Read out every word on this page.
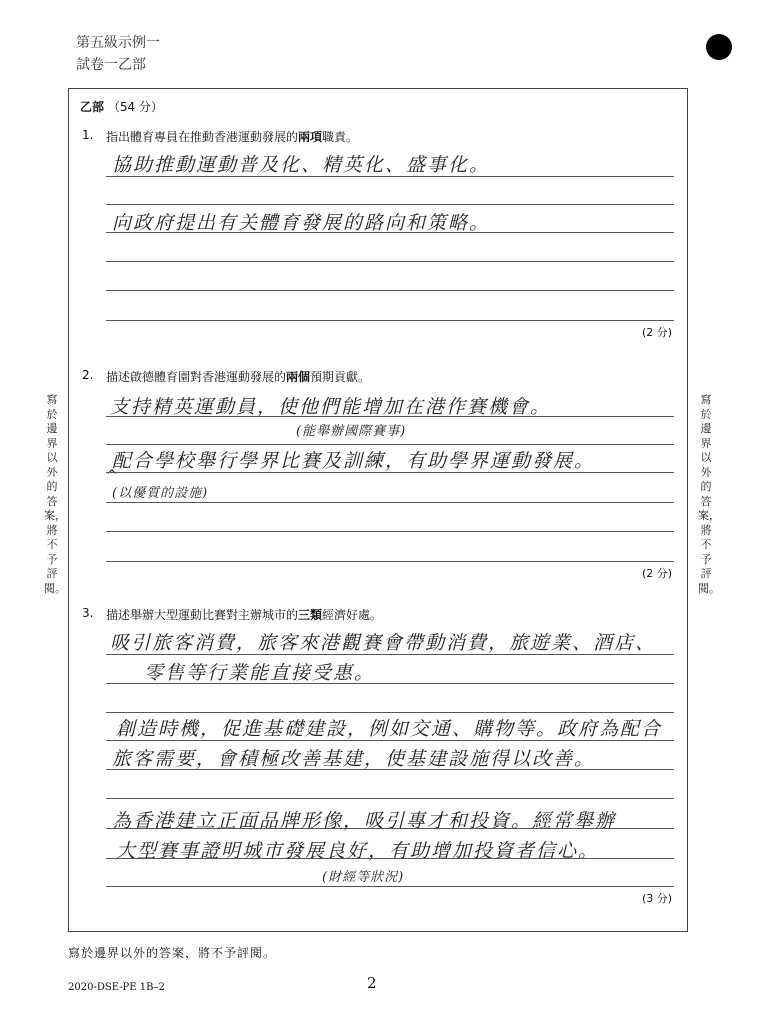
第五級示例一
試卷一乙部
寫於邊界以外的答案，將不予評閱。
寫於邊界以外的答案，將不予評閱。
乙部 （54 分）
1. 指出體育專員在推動香港運動發展的兩項職責。
協助推動運動普及化、精英化、盛事化。
向政府提出有关體育發展的路向和策略。
(2 分)
2. 描述啟德體育園對香港運動發展的兩個預期貢獻。
支持精英運動員，使他們能增加在港作賽機會。
(能舉辦國際賽事)
配合學校舉行學界比賽及訓練，有助學界運動發展。
^
(以優質的設施)
(2 分)
3. 描述舉辦大型運動比賽對主辦城市的三類經濟好處。
吸引旅客消費，旅客來港觀賽會帶動消費，旅遊業、酒店、
零售等行業能直接受惠。
創造時機，促進基礎建設，例如交通、購物等。政府為配合
旅客需要，會積極改善基建，使基建設施得以改善。
為香港建立正面品牌形像，吸引專才和投資。經常舉辦
大型賽事證明城市發展良好，有助增加投資者信心。
(財經等狀況)
(3 分)
寫於邊界以外的答案，將不予評閱。
2020-DSE-PE 1B–2	2
